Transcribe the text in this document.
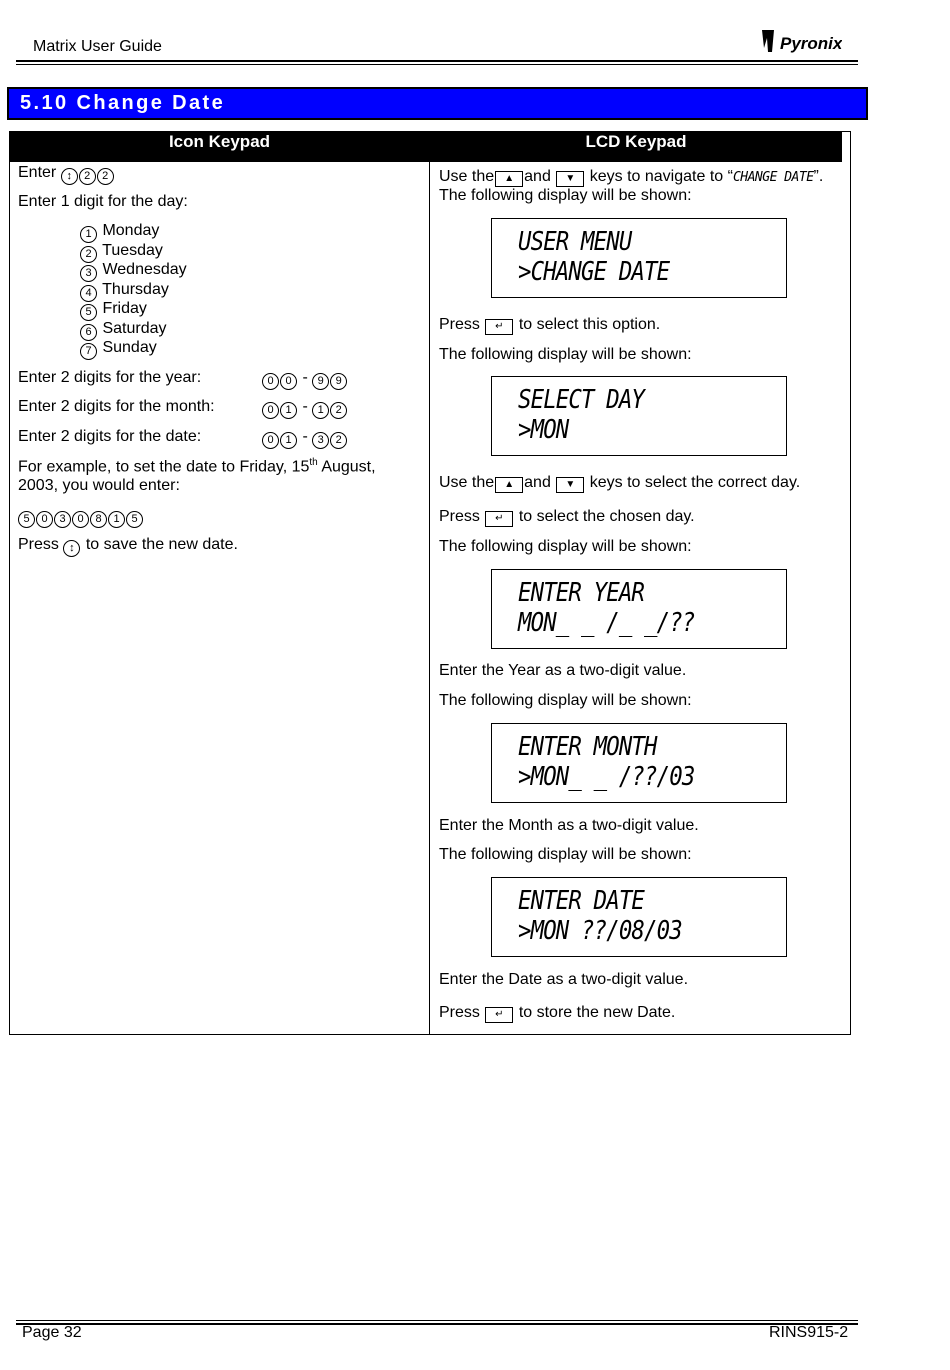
Matrix User Guide	Pyronix
5.10 Change Date
Icon Keypad	LCD Keypad
Enter ↕ 2 2
Enter 1 digit for the day:
1 Monday
2 Tuesday
3 Wednesday
4 Thursday
5 Friday
6 Saturday
7 Sunday
Enter 2 digits for the year:	0 0 - 9 9
Enter 2 digits for the month:	0 1 - 1 2
Enter 2 digits for the date:	0 1 - 3 2
For example, to set the date to Friday, 15th August,
2003, you would enter:
5 0 3 0 8 1 5
Press ↕ to save the new date.
Use the ▲ and ▼ keys to navigate to “CHANGE DATE”.
The following display will be shown:
USER MENU
>CHANGE DATE
Press ↵ to select this option.
The following display will be shown:
SELECT DAY
>MON
Use the ▲ and ▼ keys to select the correct day.
Press ↵ to select the chosen day.
The following display will be shown:
ENTER YEAR
MON_ _ /_ _/??
Enter the Year as a two-digit value.
The following display will be shown:
ENTER MONTH
>MON_ _ /??/03
Enter the Month as a two-digit value.
The following display will be shown:
ENTER DATE
>MON ??/08/03
Enter the Date as a two-digit value.
Press ↵ to store the new Date.
Page 32	RINS915-2
